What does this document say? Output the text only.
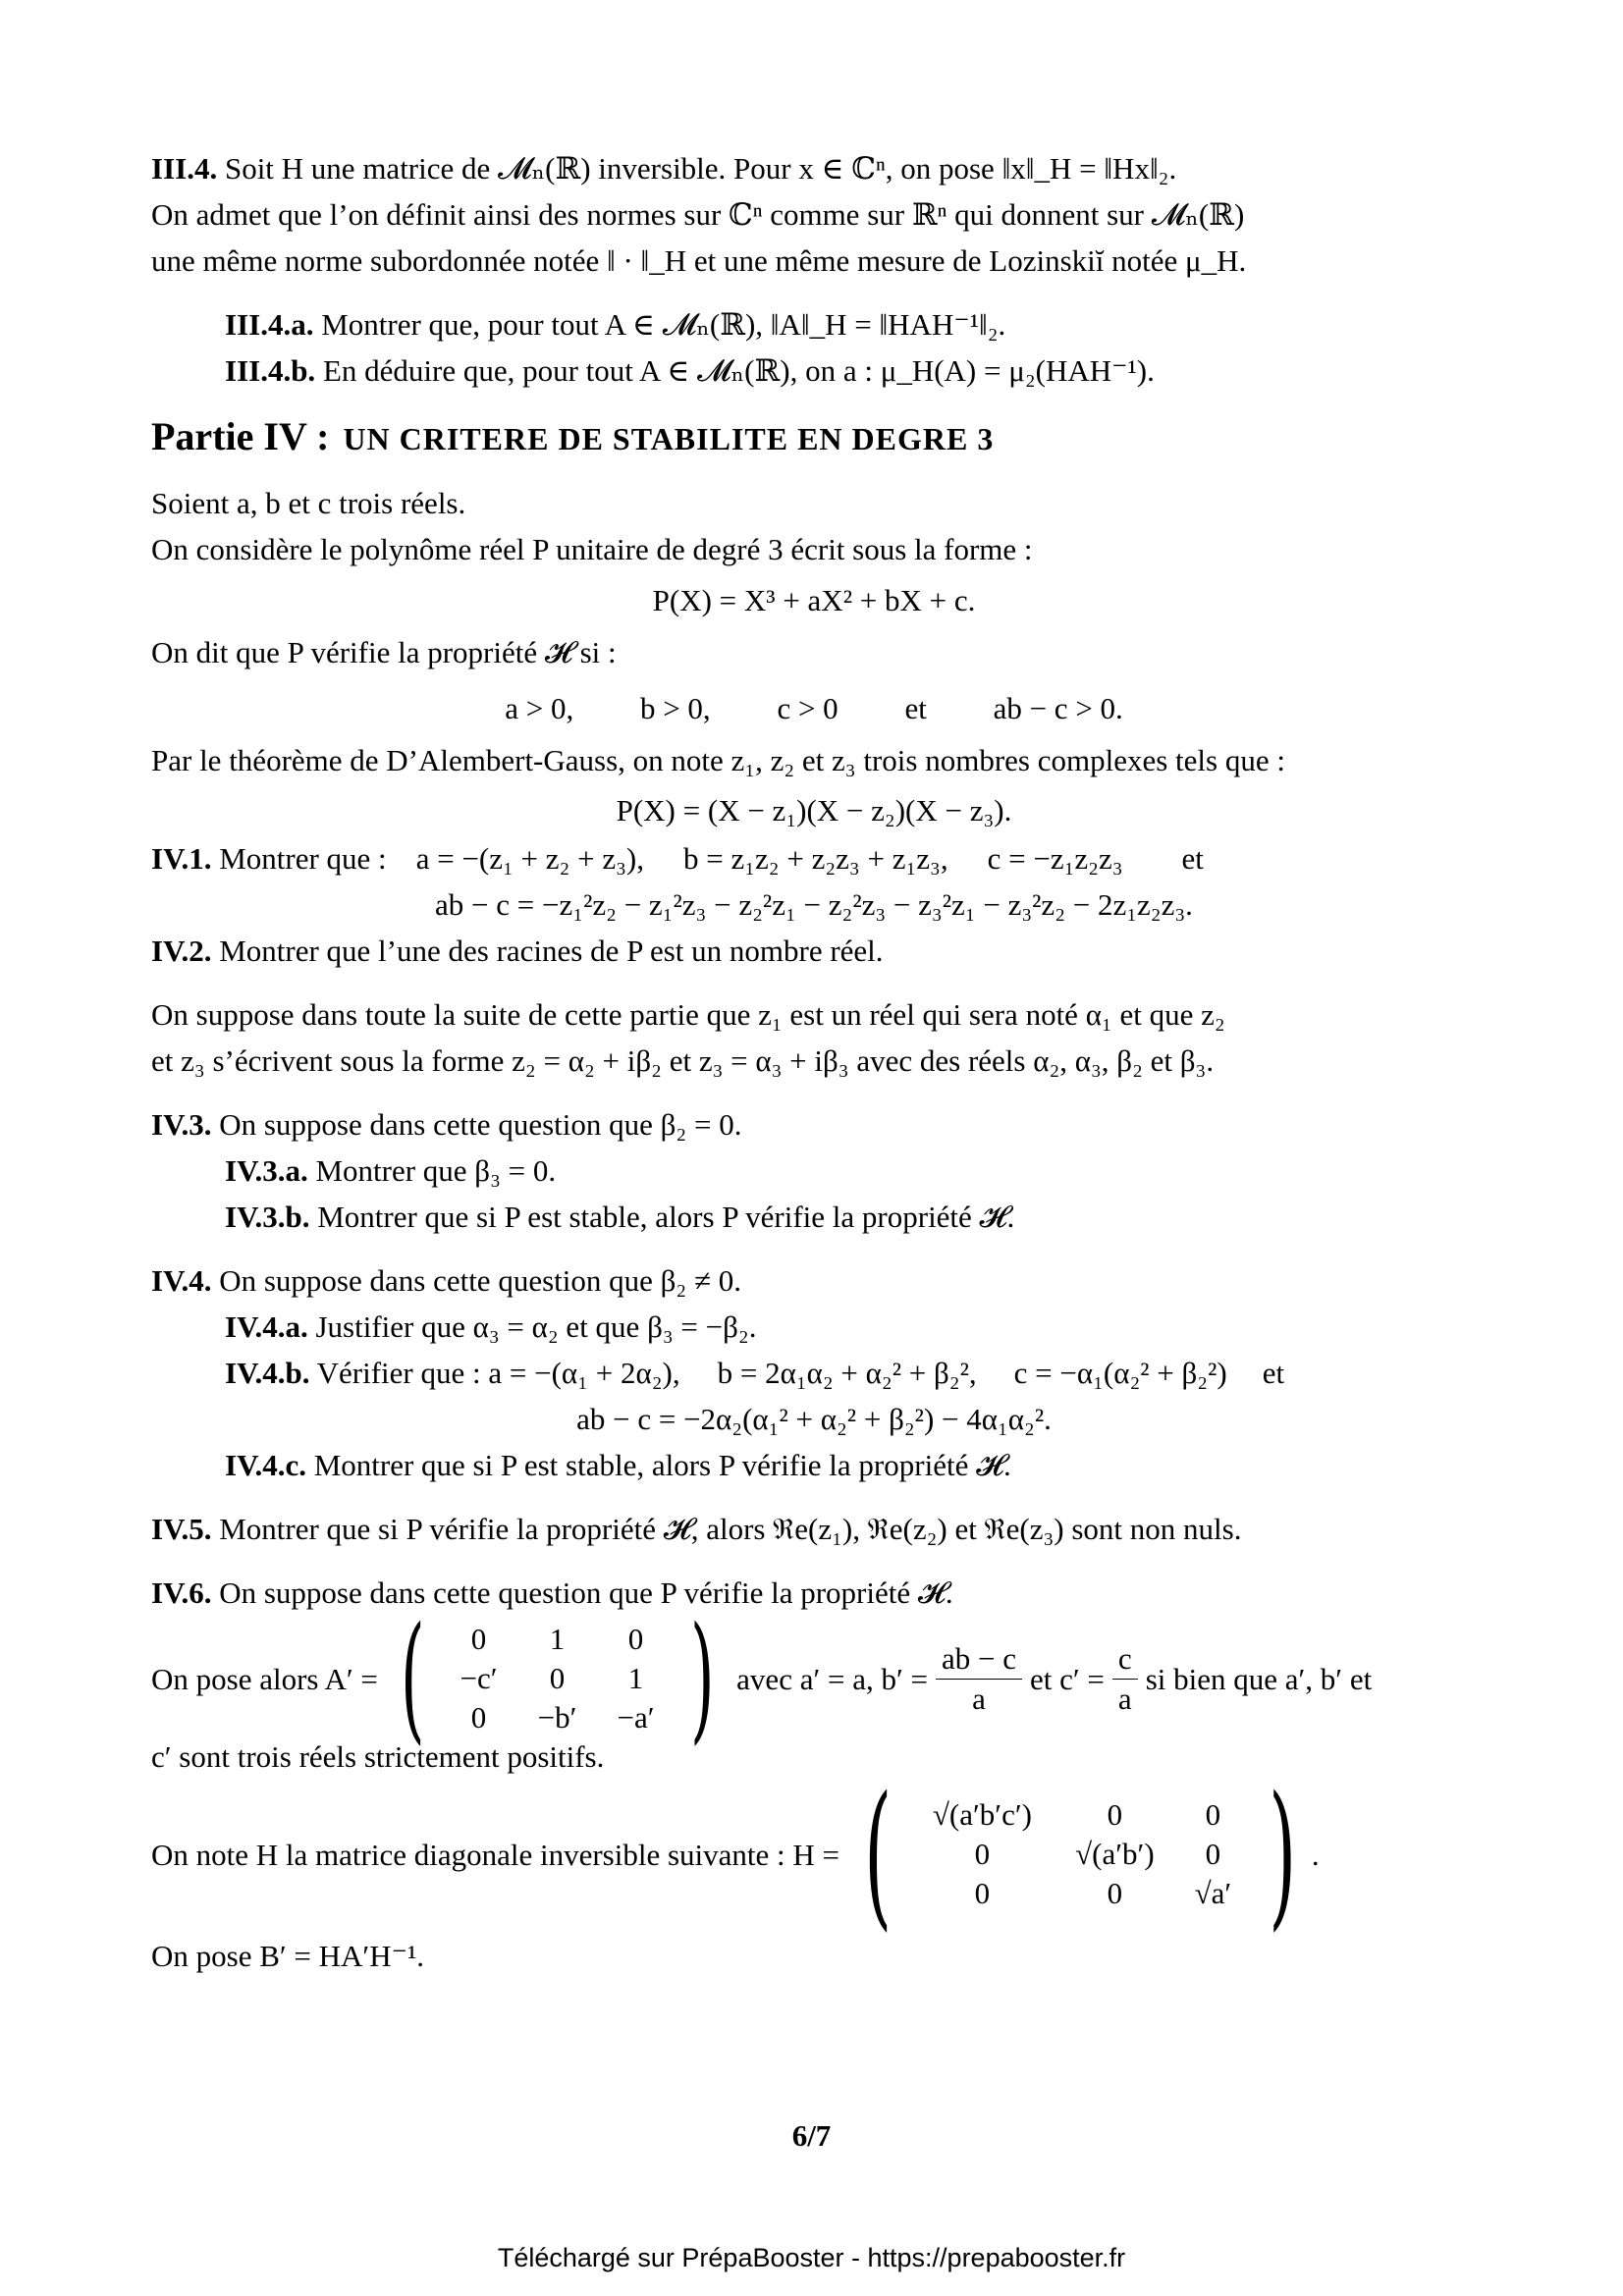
III.4. Soit H une matrice de 𝓜ₙ(ℝ) inversible. Pour x ∈ ℂⁿ, on pose ‖x‖_H = ‖Hx‖₂.

On admet que l’on définit ainsi des normes sur ℂⁿ comme sur ℝⁿ qui donnent sur 𝓜ₙ(ℝ)

une même norme subordonnée notée ‖ · ‖_H et une même mesure de Lozinskiĭ notée μ_H.

III.4.a. Montrer que, pour tout A ∈ 𝓜ₙ(ℝ), ‖A‖_H = ‖HAH⁻¹‖₂.

III.4.b. En déduire que, pour tout A ∈ 𝓜ₙ(ℝ), on a : μ_H(A) = μ₂(HAH⁻¹).

Partie IV : UN CRITERE DE STABILITE EN DEGRE 3

Soient a, b et c trois réels.

On considère le polynôme réel P unitaire de degré 3 écrit sous la forme :

P(X) = X³ + aX² + bX + c.

On dit que P vérifie la propriété 𝓗 si :

a > 0, b > 0, c > 0 et ab − c > 0.

Par le théorème de D’Alembert-Gauss, on note z₁, z₂ et z₃ trois nombres complexes tels que :

P(X) = (X − z₁)(X − z₂)(X − z₃).

IV.1. Montrer que : a = −(z₁ + z₂ + z₃), b = z₁z₂ + z₂z₃ + z₁z₃, c = −z₁z₂z₃ et

ab − c = −z₁²z₂ − z₁²z₃ − z₂²z₁ − z₂²z₃ − z₃²z₁ − z₃²z₂ − 2z₁z₂z₃.

IV.2. Montrer que l’une des racines de P est un nombre réel.

On suppose dans toute la suite de cette partie que z₁ est un réel qui sera noté α₁ et que z₂

et z₃ s’écrivent sous la forme z₂ = α₂ + iβ₂ et z₃ = α₃ + iβ₃ avec des réels α₂, α₃, β₂ et β₃.

IV.3. On suppose dans cette question que β₂ = 0.

IV.3.a. Montrer que β₃ = 0.

IV.3.b. Montrer que si P est stable, alors P vérifie la propriété 𝓗.

IV.4. On suppose dans cette question que β₂ ≠ 0.

IV.4.a. Justifier que α₃ = α₂ et que β₃ = −β₂.

IV.4.b. Vérifier que : a = −(α₁ + 2α₂), b = 2α₁α₂ + α₂² + β₂², c = −α₁(α₂² + β₂²) et

ab − c = −2α₂(α₁² + α₂² + β₂²) − 4α₁α₂².

IV.4.c. Montrer que si P est stable, alors P vérifie la propriété 𝓗.

IV.5. Montrer que si P vérifie la propriété 𝓗, alors ℜe(z₁), ℜe(z₂) et ℜe(z₃) sont non nuls.

IV.6. On suppose dans cette question que P vérifie la propriété 𝓗.

On pose alors A′ = (	0	1	0
−c′	0	1
0	−b′	−a′ ) avec a′ = a, $b' = \frac{ab - c}{a}$ et $c' = \frac{c}{a}$ si bien que a′, b′ et

c′ sont trois réels strictement positifs.

On note H la matrice diagonale inversible suivante : H = (	√(a′b′c′)	0	0
0	√(a′b′)	0
0	0	√a′ ) .

On pose B′ = HA′H⁻¹.

6/7
Téléchargé sur PrépaBooster - https://prepabooster.fr
